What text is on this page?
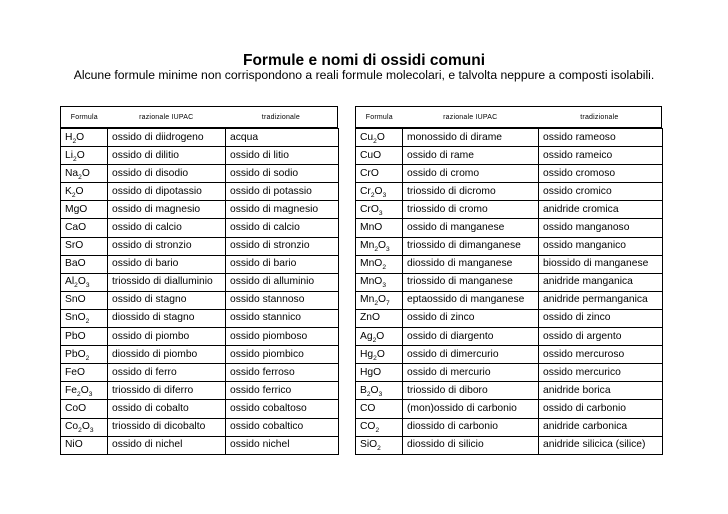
Formule e nomi di ossidi comuni
Alcune formule minime non corrispondono a reali formule molecolari, e talvolta neppure a composti isolabili.
Formula	razionale IUPAC	tradizionale	Formula	razionale IUPAC	tradizionale
$H_2O$	ossido di diidrogeno	acqua
$Li_2O$	ossido di dilitio	ossido di litio
$Na_2O$	ossido di disodio	ossido di sodio
$K_2O$	ossido di dipotassio	ossido di potassio
MgO	ossido di magnesio	ossido di magnesio
CaO	ossido di calcio	ossido di calcio
SrO	ossido di stronzio	ossido di stronzio
BaO	ossido di bario	ossido di bario
$Al_2O_3$	triossido di dialluminio	ossido di alluminio
SnO	ossido di stagno	ossido stannoso
SnO$_2$	diossido di stagno	ossido stannico
PbO	ossido di piombo	ossido piomboso
PbO$_2$	diossido di piombo	ossido piombico
FeO	ossido di ferro	ossido ferroso
$Fe_2O_3$	triossido di diferro	ossido ferrico
CoO	ossido di cobalto	ossido cobaltoso
$Co_2O_3$	triossido di dicobalto	ossido cobaltico
NiO	ossido di nichel	ossido nichel
$Cu_2O$	monossido di dirame	ossido rameoso
CuO	ossido di rame	ossido rameico
CrO	ossido di cromo	ossido cromoso
$Cr_2O_3$	triossido di dicromo	ossido cromico
CrO$_3$	triossido di cromo	anidride cromica
MnO	ossido di manganese	ossido manganoso
$Mn_2O_3$	triossido di dimanganese	ossido manganico
MnO$_2$	diossido di manganese	biossido di manganese
MnO$_3$	triossido di manganese	anidride manganica
$Mn_2O_7$	eptaossido di manganese	anidride permanganica
ZnO	ossido di zinco	ossido di zinco
$Ag_2O$	ossido di diargento	ossido di argento
$Hg_2O$	ossido di dimercurio	ossido mercuroso
HgO	ossido di mercurio	ossido mercurico
$B_2O_3$	triossido di diboro	anidride borica
CO	(mon)ossido di carbonio	ossido di carbonio
$CO_2$	diossido di carbonio	anidride carbonica
SiO$_2$	diossido di silicio	anidride silicica (silice)
